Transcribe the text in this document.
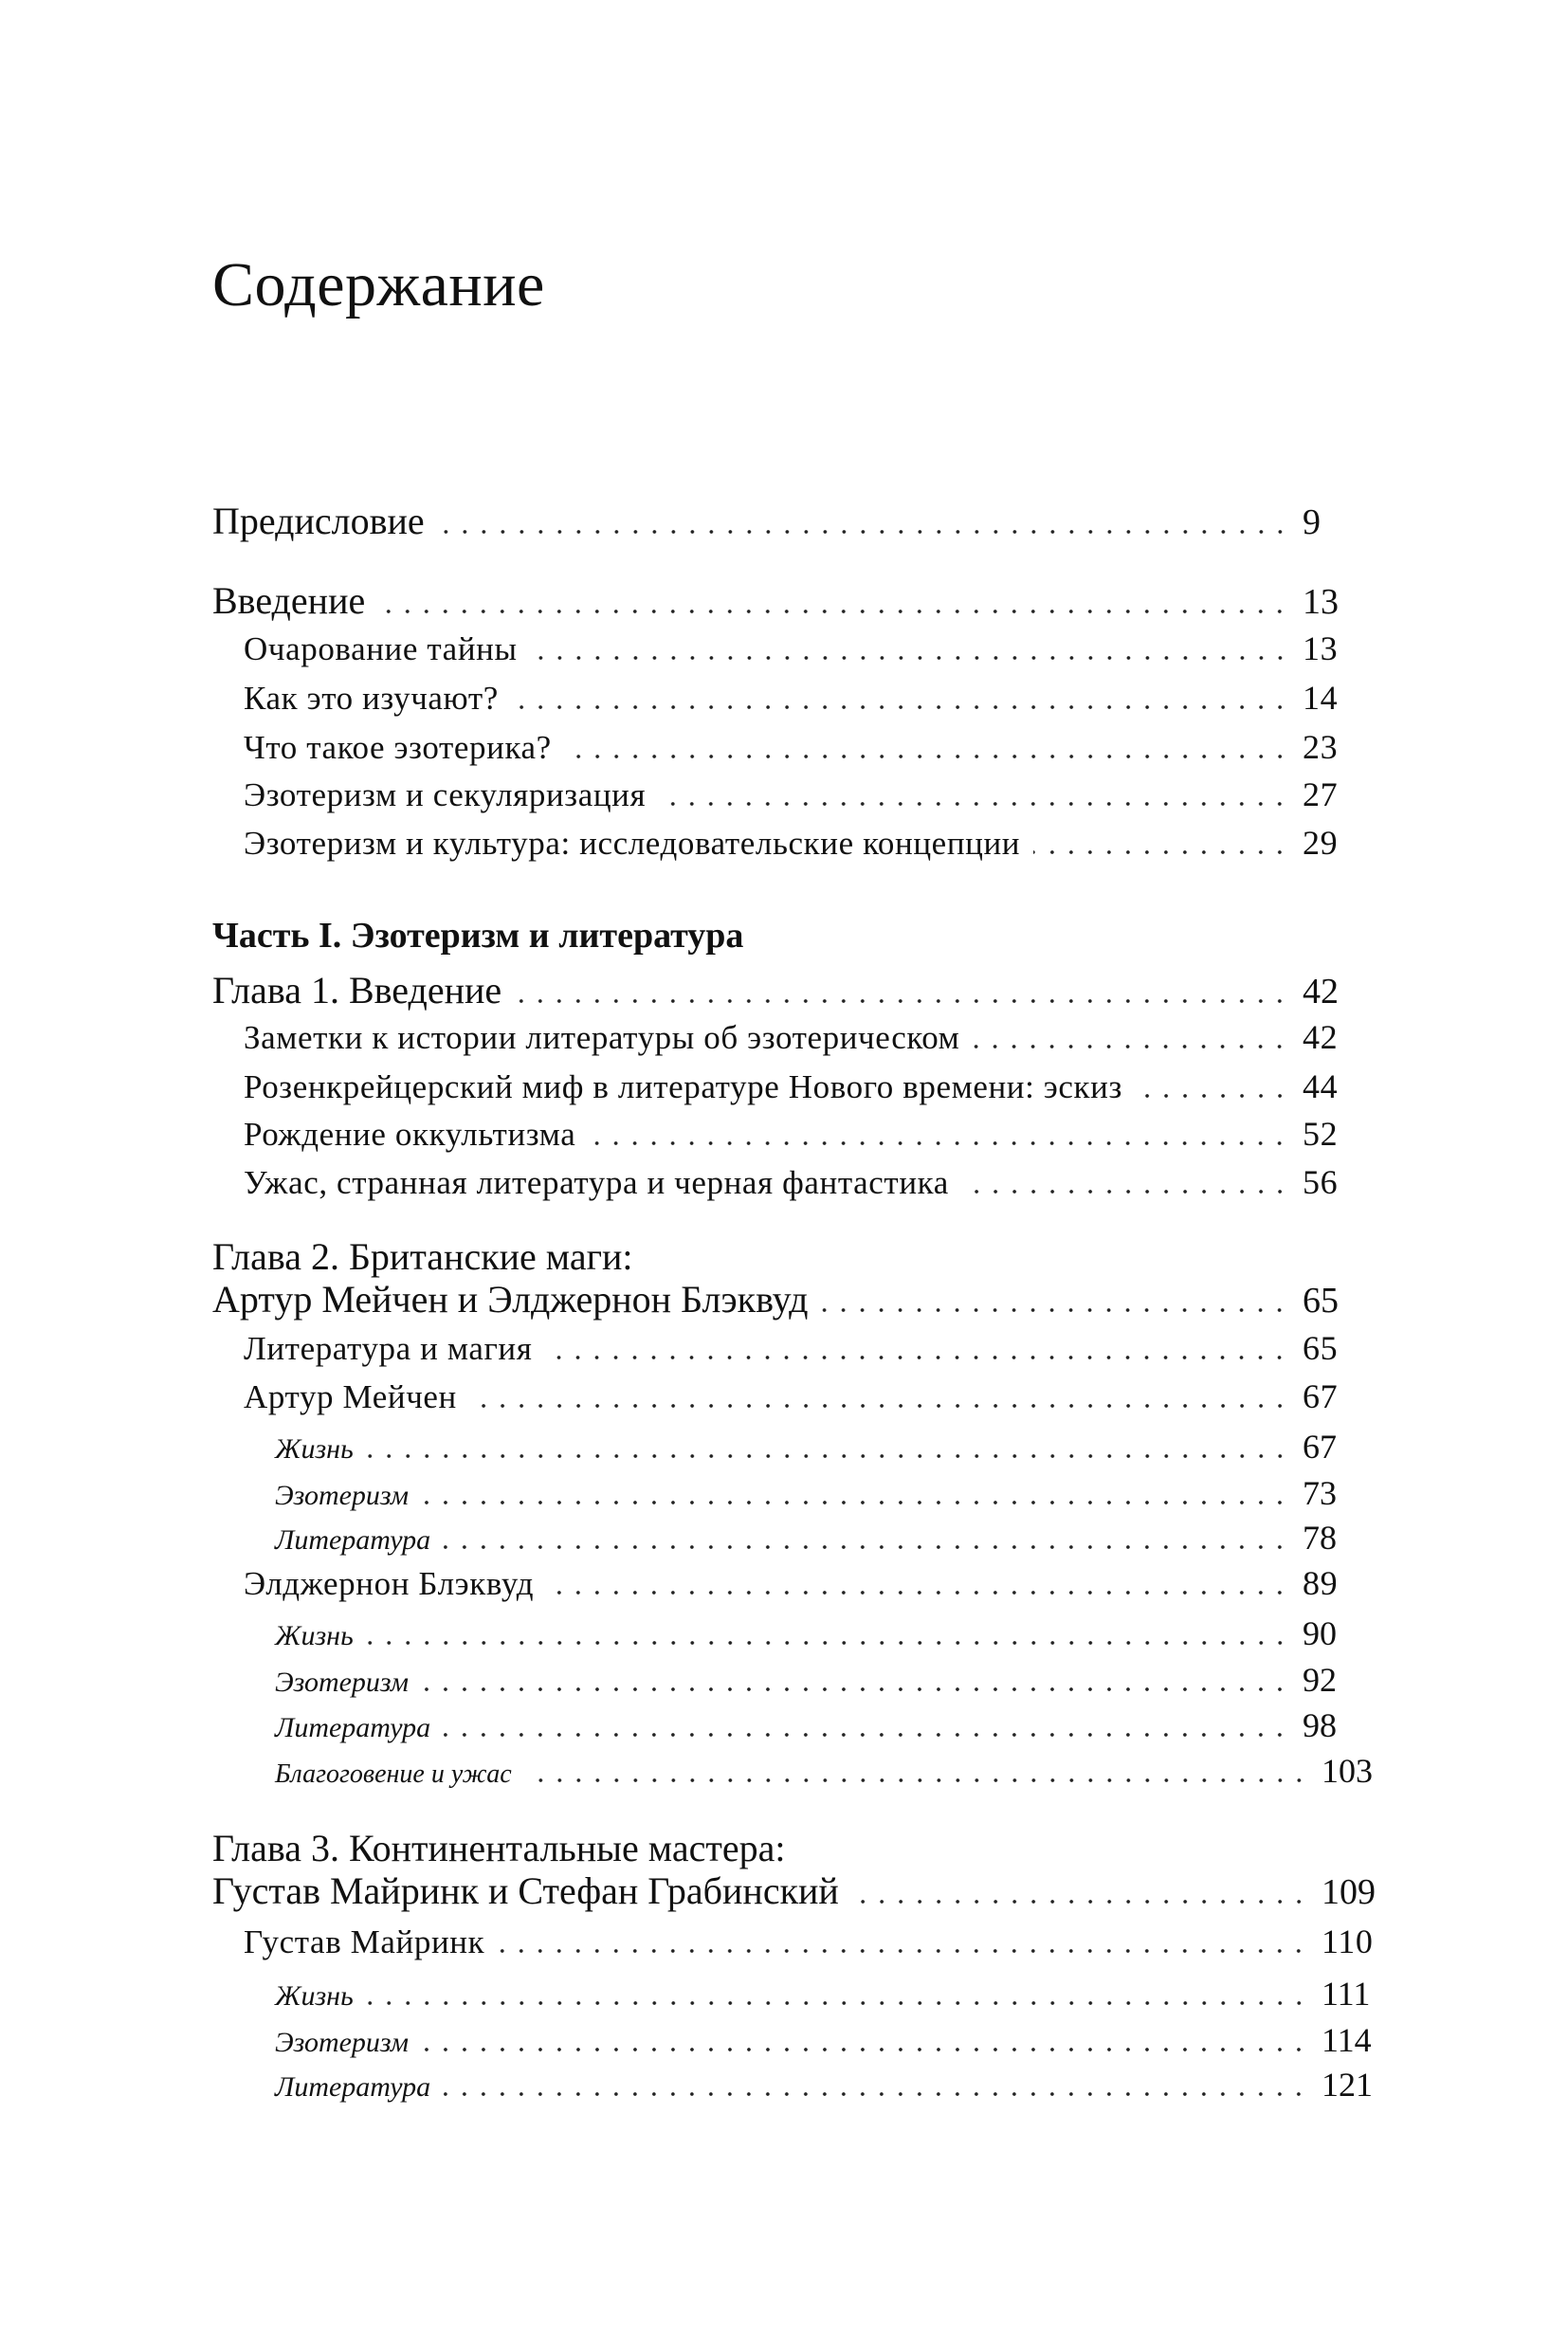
Содержание
Предисловие	9
Введение	13
Очарование тайны	13
Как это изучают?	14
Что такое эзотерика?	23
Эзотеризм и секуляризация	27
Эзотеризм и культура: исследовательские концепции	29
Часть I. Эзотеризм и литература
Глава 1. Введение	42
Заметки к истории литературы об эзотерическом	42
Розенкрейцерский миф в литературе Нового времени: эскиз	44
Рождение оккультизма	52
Ужас, странная литература и черная фантастика	56
Глава 2. Британские маги:
Артур Мейчен и Элджернон Блэквуд	65
Литература и магия	65
Артур Мейчен	67
Жизнь	67
Эзотеризм	73
Литература	78
Элджернон Блэквуд	89
Жизнь	90
Эзотеризм	92
Литература	98
Благоговение и ужас	103
Глава 3. Континентальные мастера:
Густав Майринк и Стефан Грабинский	109
Густав Майринк	110
Жизнь	111
Эзотеризм	114
Литература	121
